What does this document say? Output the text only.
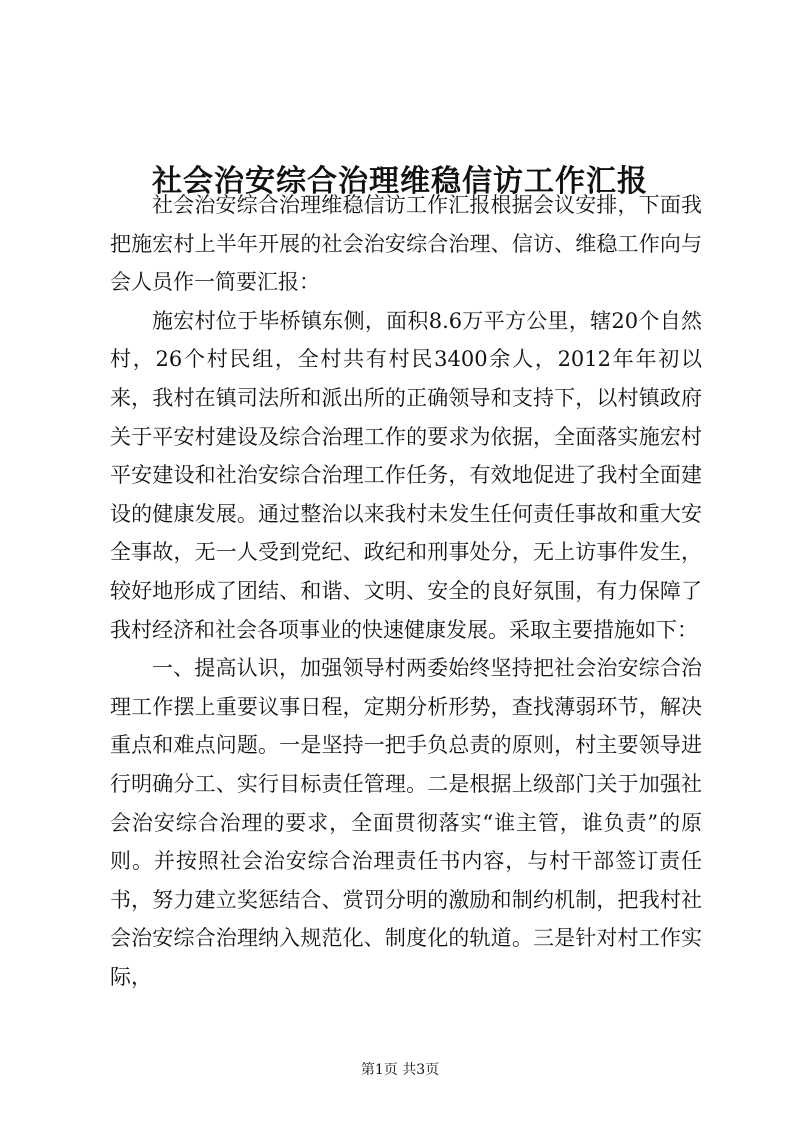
社会治安综合治理维稳信访工作汇报

社会治安综合治理维稳信访工作汇报根据会议安排，下面我把施宏村上半年开展的社会治安综合治理、信访、维稳工作向与会人员作一简要汇报：

施宏村位于毕桥镇东侧，面积8.6万平方公里，辖20个自然村，26个村民组，全村共有村民3400余人，2012年年初以来，我村在镇司法所和派出所的正确领导和支持下，以村镇政府关于平安村建设及综合治理工作的要求为依据，全面落实施宏村平安建设和社治安综合治理工作任务，有效地促进了我村全面建设的健康发展。通过整治以来我村未发生任何责任事故和重大安全事故，无一人受到党纪、政纪和刑事处分，无上访事件发生，较好地形成了团结、和谐、文明、安全的良好氛围，有力保障了我村经济和社会各项事业的快速健康发展。采取主要措施如下：

一、提高认识，加强领导村两委始终坚持把社会治安综合治理工作摆上重要议事日程，定期分析形势，查找薄弱环节，解决重点和难点问题。一是坚持一把手负总责的原则，村主要领导进行明确分工、实行目标责任管理。二是根据上级部门关于加强社会治安综合治理的要求，全面贯彻落实“谁主管，谁负责”的原则。并按照社会治安综合治理责任书内容，与村干部签订责任书，努力建立奖惩结合、赏罚分明的激励和制约机制，把我村社会治安综合治理纳入规范化、制度化的轨道。三是针对村工作实际，

第1页 共3页
